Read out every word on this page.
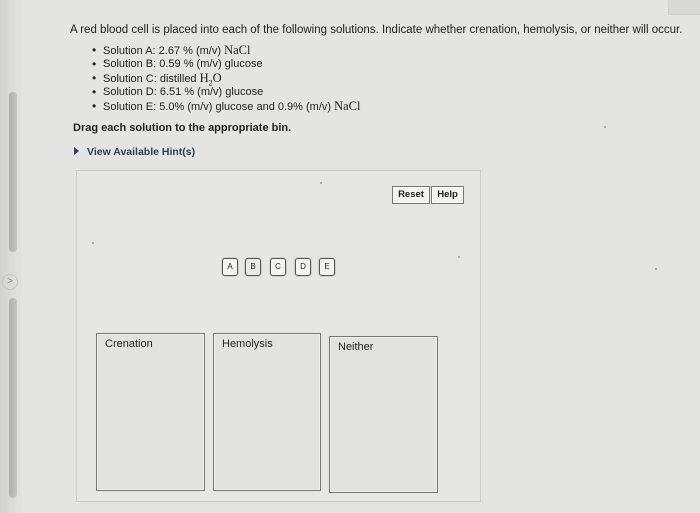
>
A red blood cell is placed into each of the following solutions. Indicate whether crenation, hemolysis, or neither will occur.
• Solution A: 2.67 % (m/v) NaCl
• Solution B: 0.59 % (m/v) glucose
• Solution C: distilled $H_2O$
• Solution D: 6.51 % (m/v) glucose
• Solution E: 5.0% (m/v) glucose and 0.9% (m/v) NaCl
Drag each solution to the appropriate bin.
View Available Hint(s)
Reset	Help
A	B	C	D	E
Crenation	Hemolysis	Neither
